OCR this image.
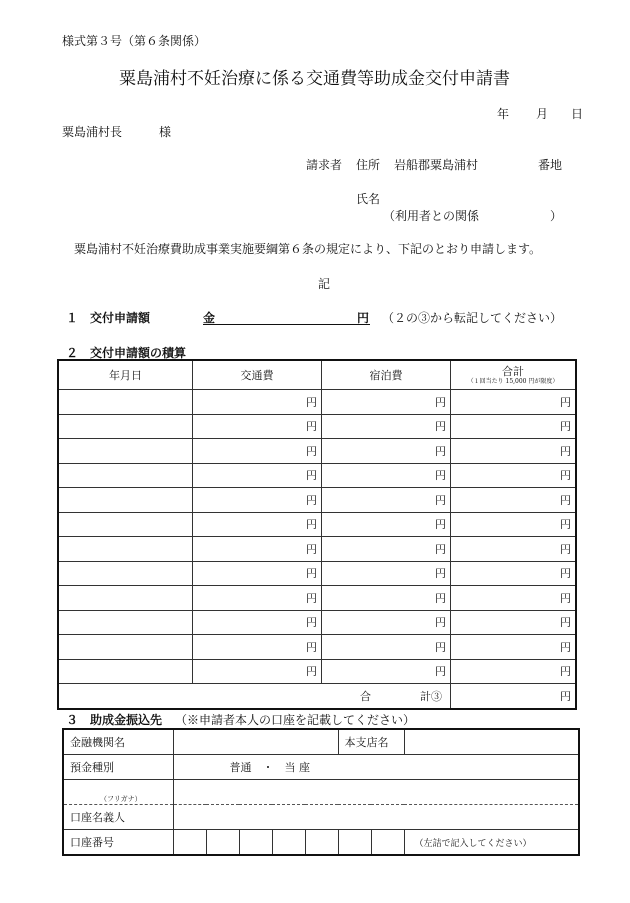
様式第３号（第６条関係）
粟島浦村不妊治療に係る交通費等助成金交付申請書
年 月 日
粟島浦村長	様
請求者 住所 岩船郡粟島浦村	番地
氏名
（利用者との関係	）
粟島浦村不妊治療費助成事業実施要綱第６条の規定により、下記のとおり申請します。
記
１　交付申請額	金	円 （２の③から転記してください）
２　交付申請額の積算
年月日	交通費	宿泊費	合計
（１回当たり 15,000 円が限度）

	円	円	円
	円	円	円
	円	円	円
	円	円	円
	円	円	円
	円	円	円
	円	円	円
	円	円	円
	円	円	円
	円	円	円
	円	円	円
	円	円	円
合 計③			円
３　助成金振込先 （※申請者本人の口座を記載してください）
金融機関名						本支店名		
預金種別	普通　・　当 座							
（フリガナ）								
口座名義人								
口座番号								（左詰で記入してください）
